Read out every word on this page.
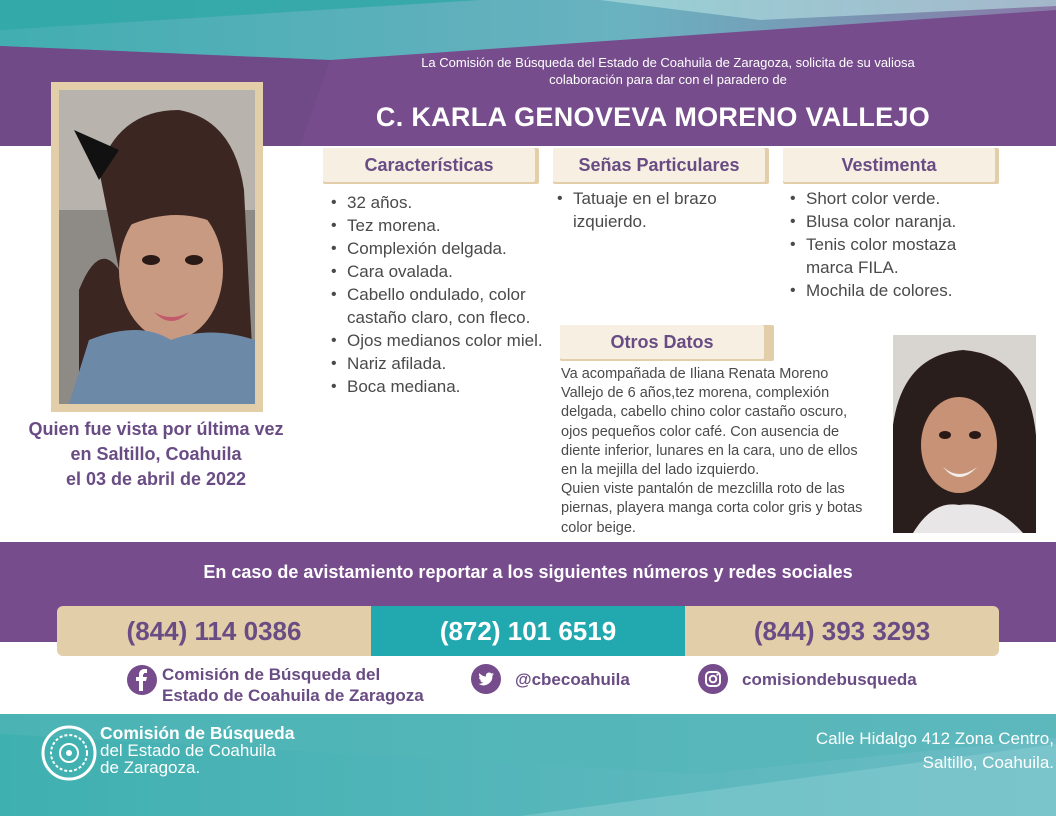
La Comisión de Búsqueda del Estado de Coahuila de Zaragoza, solicita de su valiosa
colaboración para dar con el paradero de
C. KARLA GENOVEVA MORENO VALLEJO
Quien fue vista por última vez
en Saltillo, Coahuila
el 03 de abril de 2022
Características
• 32 años.
• Tez morena.
• Complexión delgada.
• Cara ovalada.
• Cabello ondulado, color castaño claro, con fleco.
• Ojos medianos color miel.
• Nariz afilada.
• Boca mediana.
Señas Particulares
• Tatuaje en el brazo izquierdo.
Vestimenta
• Short color verde.
• Blusa color naranja.
• Tenis color mostaza marca FILA.
• Mochila de colores.
Otros Datos
Va acompañada de Iliana Renata Moreno Vallejo de 6 años,tez morena, complexión delgada, cabello chino color castaño oscuro, ojos pequeños color café. Con ausencia de diente inferior, lunares en la cara, uno de ellos en la mejilla del lado izquierdo.
Quien viste pantalón de mezclilla roto de las piernas, playera manga corta color gris y botas color beige.
En caso de avistamiento reportar a los siguientes números y redes sociales
(844) 114 0386	(872) 101 6519	(844) 393 3293
Comisión de Búsqueda del
Estado de Coahuila de Zaragoza
@cbecoahuila	comisiondebusqueda
Comisión de Búsqueda
del Estado de Coahuila
de Zaragoza.
Calle Hidalgo 412 Zona Centro,
Saltillo, Coahuila.
